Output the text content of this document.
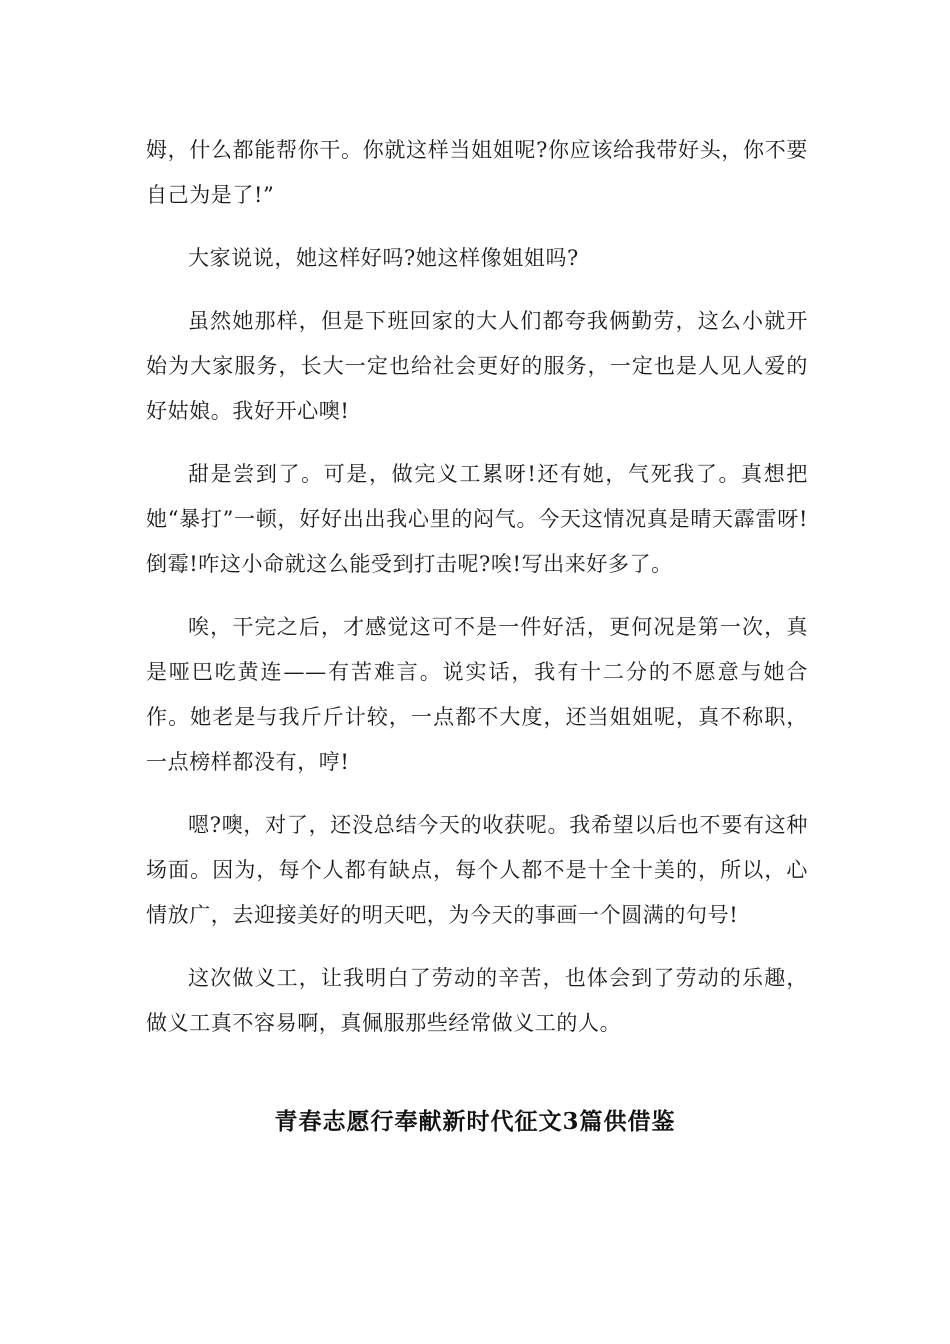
姆，什么都能帮你干。你就这样当姐姐呢?你应该给我带好头，你不要自己为是了!”

大家说说，她这样好吗?她这样像姐姐吗?

虽然她那样，但是下班回家的大人们都夸我俩勤劳，这么小就开始为大家服务，长大一定也给社会更好的服务，一定也是人见人爱的好姑娘。我好开心噢!

甜是尝到了。可是，做完义工累呀!还有她，气死我了。真想把她“暴打”一顿，好好出出我心里的闷气。今天这情况真是晴天霹雷呀!倒霉!咋这小命就这么能受到打击呢?唉!写出来好多了。

唉，干完之后，才感觉这可不是一件好活，更何况是第一次，真是哑巴吃黄连——有苦难言。说实话，我有十二分的不愿意与她合作。她老是与我斤斤计较，一点都不大度，还当姐姐呢，真不称职，一点榜样都没有，哼!

嗯?噢，对了，还没总结今天的收获呢。我希望以后也不要有这种场面。因为，每个人都有缺点，每个人都不是十全十美的，所以，心情放广，去迎接美好的明天吧，为今天的事画一个圆满的句号!

这次做义工，让我明白了劳动的辛苦，也体会到了劳动的乐趣，做义工真不容易啊，真佩服那些经常做义工的人。

青春志愿行奉献新时代征文3篇供借鉴
